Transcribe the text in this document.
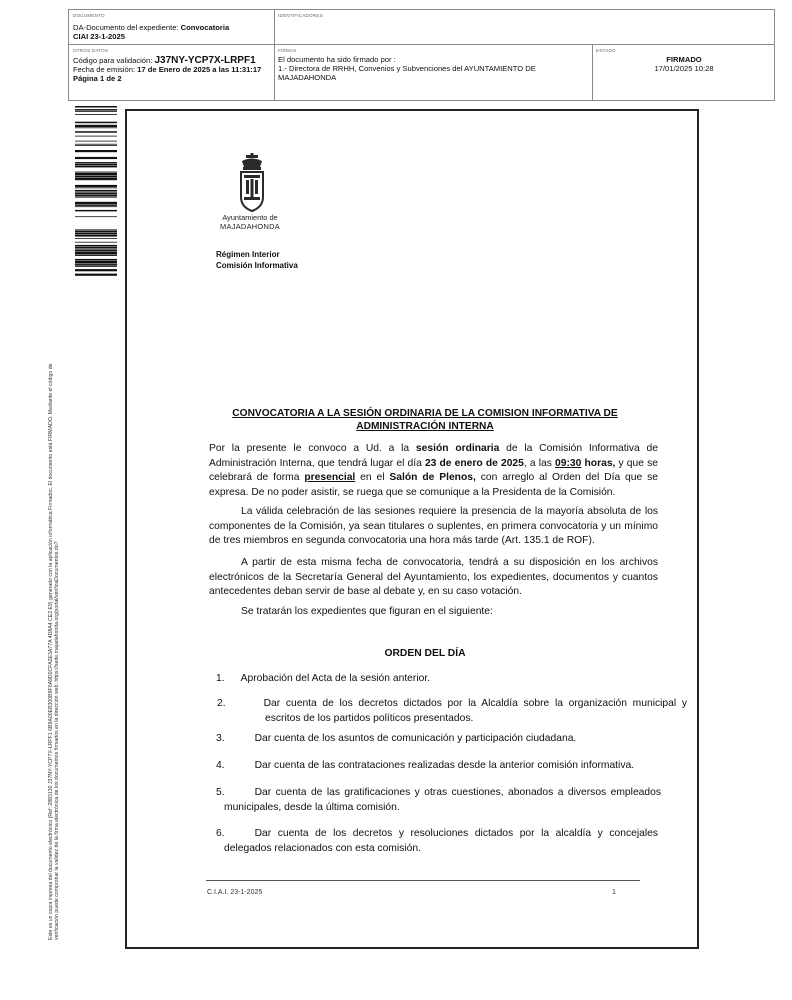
DOCUMENTO
DA-Documento del expediente: Convocatoria
CIAI 23-1-2025
IDENTIFICADORES
OTROS DATOS
Código para validación: J37NY-YCP7X-LRPF1
Fecha de emisión: 17 de Enero de 2025 a las 11:31:17
Página 1 de 2
FIRMAS
El documento ha sido firmado por :
1.- Directora de RRHH, Convenios y Subvenciones del AYUNTAMIENTO DE MAJADAHONDA
ESTADO
FIRMADO
17/01/2025 10:28
Este es un copia impresa del documento electrónico (Ref: 2883130 J37NY-YCP7X-LRPF1 6B9A00EB300B9F0A9D0CFA2E3A77A 4D8A4 CE2 E9) generado con la aplicación informática Firmadoc. El documento está FIRMADO. Mediante el código de verificación puede comprobar la validez de la firma electrónica de los documentos firmados en la dirección web: https://sede.majadahonda.org/portal/verificaDocumentos.do?
Ayuntamiento de
MAJADAHONDA
Régimen Interior
Comisión Informativa
CONVOCATORIA A LA SESIÓN ORDINARIA DE LA COMISION INFORMATIVA DE
ADMINISTRACIÓN INTERNA
Por la presente le convoco a Ud. a la sesión ordinaria de la Comisión Informativa de Administración Interna, que tendrá lugar el día 23 de enero de 2025, a las 09:30 horas, y que se celebrará de forma presencial en el Salón de Plenos, con arreglo al Orden del Día que se expresa. De no poder asistir, se ruega que se comunique a la Presidenta de la Comisión.
La válida celebración de las sesiones requiere la presencia de la mayoría absoluta de los componentes de la Comisión, ya sean titulares o suplentes, en primera convocatoria y un mínimo de tres miembros en segunda convocatoria una hora más tarde (Art. 135.1 de ROF).
A partir de esta misma fecha de convocatoria, tendrá a su disposición en los archivos electrónicos de la Secretaría General del Ayuntamiento, los expedientes, documentos y cuantos antecedentes deban servir de base al debate y, en su caso votación.
Se tratarán los expedientes que figuran en el siguiente:
ORDEN DEL DÍA
1. Aprobación del Acta de la sesión anterior.
2.	Dar cuenta de los decretos dictados por la Alcaldía sobre la organización municipal y escritos de los partidos políticos presentados.
3.	Dar cuenta de los asuntos de comunicación y participación ciudadana.
4.	Dar cuenta de las contrataciones realizadas desde la anterior comisión informativa.
5.	Dar cuenta de las gratificaciones y otras cuestiones, abonados a diversos empleados municipales, desde la última comisión.
6.	Dar cuenta de los decretos y resoluciones dictados por la alcaldía y concejales delegados relacionados con esta comisión.
C.I.A.I. 23-1-2025	1
